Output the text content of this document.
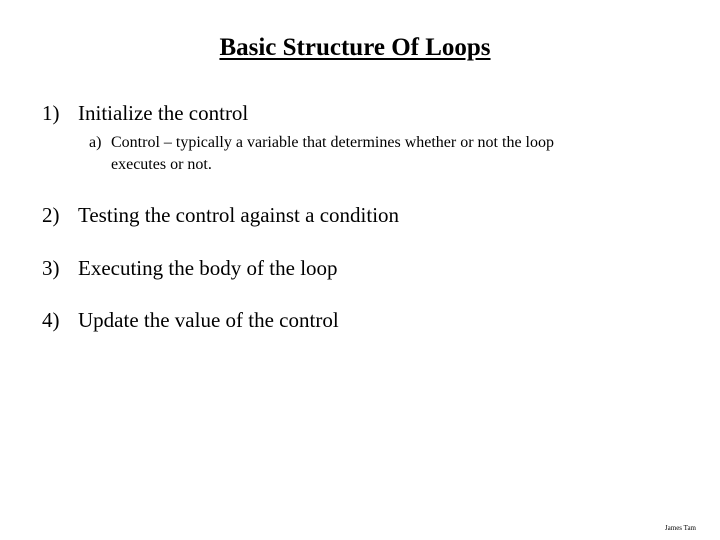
Basic Structure Of Loops
1) Initialize the control
a) Control – typically a variable that determines whether or not the loop
executes or not.
2) Testing the control against a condition
3) Executing the body of the loop
4) Update the value of the control
James Tam
